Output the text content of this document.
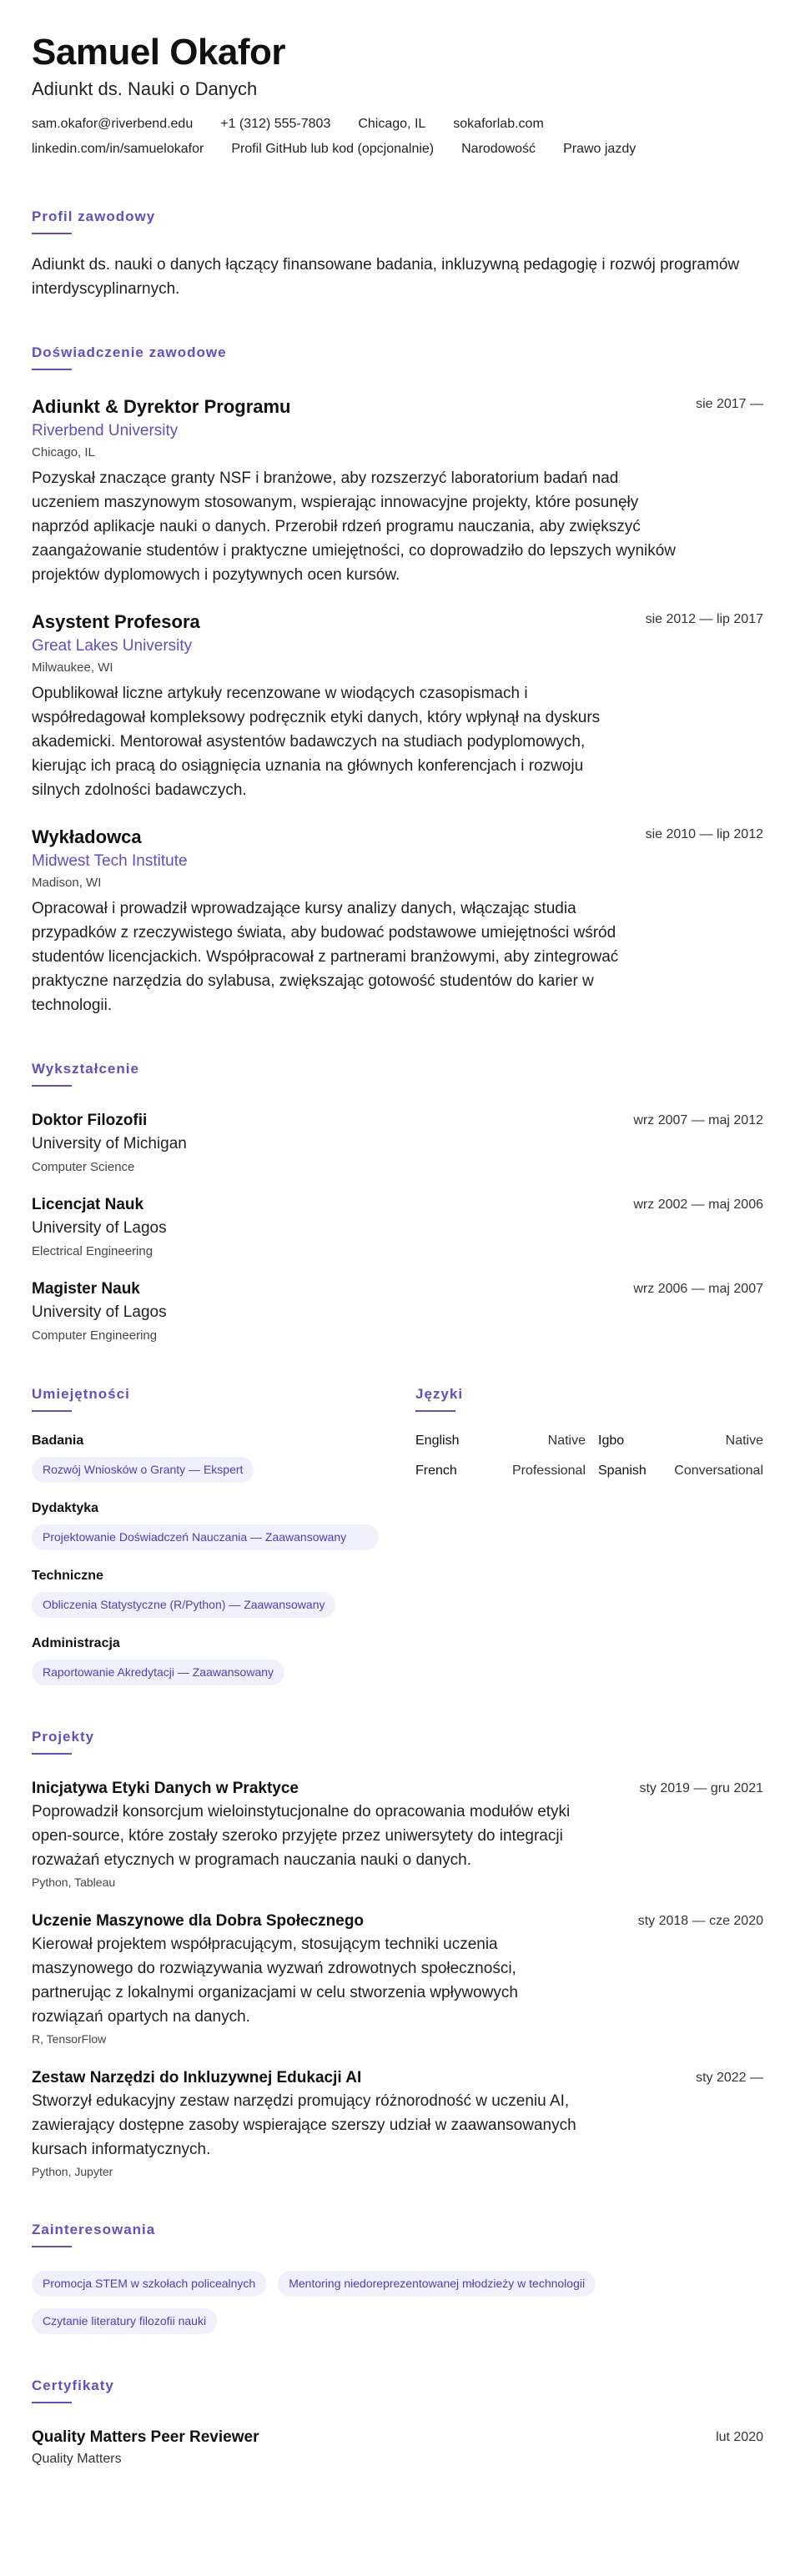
Samuel Okafor
Adiunkt ds. Nauki o Danych
sam.okafor@riverbend.edu +1 (312) 555-7803 Chicago, IL sokaforlab.com
linkedin.com/in/samuelokafor Profil GitHub lub kod (opcjonalnie) Narodowość Prawo jazdy
Profil zawodowy
Adiunkt ds. nauki o danych łączący finansowane badania, inkluzywną pedagogię i rozwój programów interdyscyplinarnych.
Doświadczenie zawodowe
Adiunkt & Dyrektor Programu	sie 2017 —
Riverbend University
Chicago, IL
Pozyskał znaczące granty NSF i branżowe, aby rozszerzyć laboratorium badań nad uczeniem maszynowym stosowanym, wspierając innowacyjne projekty, które posunęły naprzód aplikacje nauki o danych. Przerobił rdzeń programu nauczania, aby zwiększyć zaangażowanie studentów i praktyczne umiejętności, co doprowadziło do lepszych wyników projektów dyplomowych i pozytywnych ocen kursów.
Asystent Profesora	sie 2012 — lip 2017
Great Lakes University
Milwaukee, WI
Opublikował liczne artykuły recenzowane w wiodących czasopismach i współredagował kompleksowy podręcznik etyki danych, który wpłynął na dyskurs akademicki. Mentorował asystentów badawczych na studiach podyplomowych, kierując ich pracą do osiągnięcia uznania na głównych konferencjach i rozwoju silnych zdolności badawczych.
Wykładowca	sie 2010 — lip 2012
Midwest Tech Institute
Madison, WI
Opracował i prowadził wprowadzające kursy analizy danych, włączając studia przypadków z rzeczywistego świata, aby budować podstawowe umiejętności wśród studentów licencjackich. Współpracował z partnerami branżowymi, aby zintegrować praktyczne narzędzia do sylabusa, zwiększając gotowość studentów do karier w technologii.
Wykształcenie
Doktor Filozofii	wrz 2007 — maj 2012
University of Michigan
Computer Science
Licencjat Nauk	wrz 2002 — maj 2006
University of Lagos
Electrical Engineering
Magister Nauk	wrz 2006 — maj 2007
University of Lagos
Computer Engineering
Umiejętności
Badania
Rozwój Wniosków o Granty — Ekspert
Dydaktyka
Projektowanie Doświadczeń Nauczania — Zaawansowany
Techniczne
Obliczenia Statystyczne (R/Python) — Zaawansowany
Administracja
Raportowanie Akredytacji — Zaawansowany
Języki
English	Native Igbo	Native
French	Professional Spanish	Conversational
Projekty
Inicjatywa Etyki Danych w Praktyce	sty 2019 — gru 2021
Poprowadził konsorcjum wieloinstytucjonalne do opracowania modułów etyki open-source, które zostały szeroko przyjęte przez uniwersytety do integracji rozważań etycznych w programach nauczania nauki o danych.
Python, Tableau
Uczenie Maszynowe dla Dobra Społecznego	sty 2018 — cze 2020
Kierował projektem współpracującym, stosującym techniki uczenia maszynowego do rozwiązywania wyzwań zdrowotnych społeczności, partnerując z lokalnymi organizacjami w celu stworzenia wpływowych rozwiązań opartych na danych.
R, TensorFlow
Zestaw Narzędzi do Inkluzywnej Edukacji AI	sty 2022 —
Stworzył edukacyjny zestaw narzędzi promujący różnorodność w uczeniu AI, zawierający dostępne zasoby wspierające szerszy udział w zaawansowanych kursach informatycznych.
Python, Jupyter
Zainteresowania
Promocja STEM w szkołach policealnych	Mentoring niedoreprezentowanej młodzieży w technologii
Czytanie literatury filozofii nauki
Certyfikaty
Quality Matters Peer Reviewer	lut 2020
Quality Matters
